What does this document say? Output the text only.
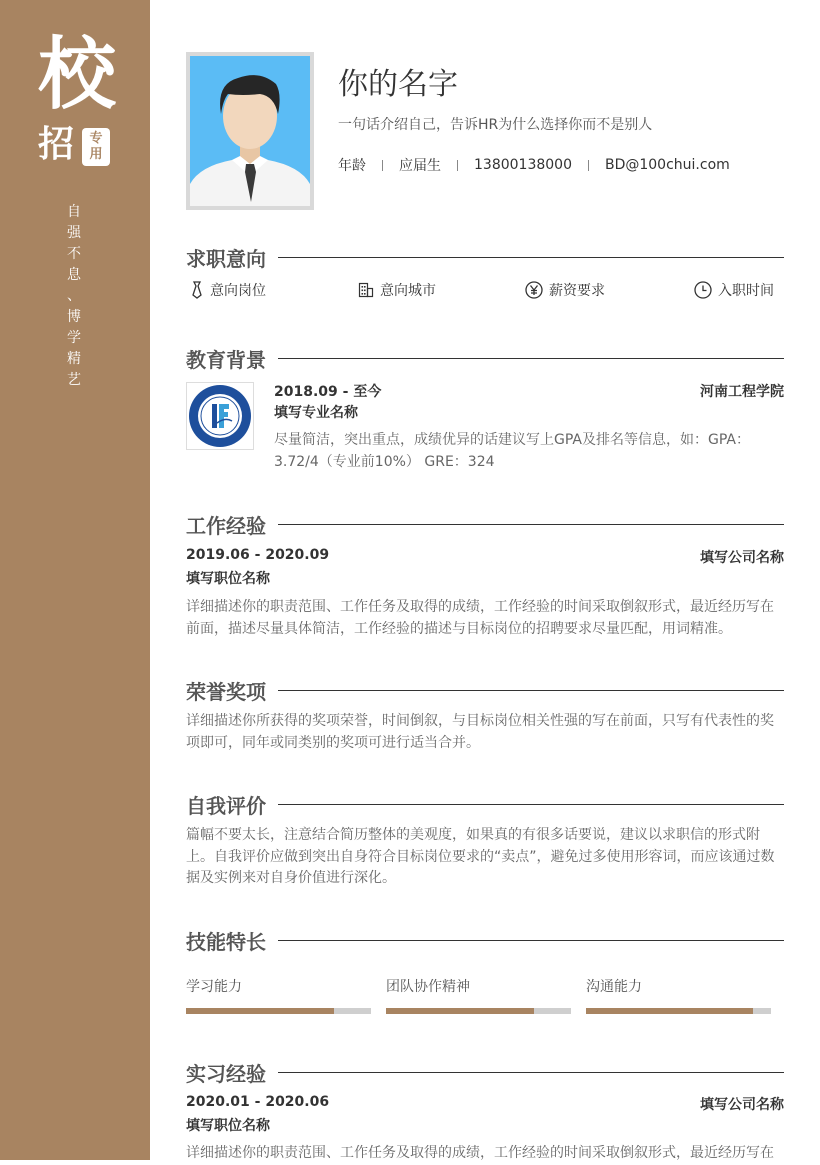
校
招 专
用
自
强
不
息
、
博
学
精
艺
你的名字
一句话介绍自己，告诉HR为什么选择你而不是别人
年龄 应届生 13800138000 BD@100chui.com
求职意向
意向岗位	意向城市	薪资要求	入职时间
教育背景
2018.09 - 至今	河南工程学院
填写专业名称
尽量简洁，突出重点，成绩优异的话建议写上GPA及排名等信息，如：GPA：3.72/4（专业前10%） GRE：324
工作经验
2019.06 - 2020.09	填写公司名称
填写职位名称
详细描述你的职责范围、工作任务及取得的成绩，工作经验的时间采取倒叙形式，最近经历写在前面，描述尽量具体简洁，工作经验的描述与目标岗位的招聘要求尽量匹配，用词精准。
荣誉奖项
详细描述你所获得的奖项荣誉，时间倒叙，与目标岗位相关性强的写在前面，只写有代表性的奖项即可，同年或同类别的奖项可进行适当合并。
自我评价
篇幅不要太长，注意结合简历整体的美观度，如果真的有很多话要说，建议以求职信的形式附上。自我评价应做到突出自身符合目标岗位要求的“卖点”，避免过多使用形容词，而应该通过数据及实例来对自身价值进行深化。
技能特长
学习能力	团队协作精神	沟通能力
实习经验
2020.01 - 2020.06	填写公司名称
填写职位名称
详细描述你的职责范围、工作任务及取得的成绩，工作经验的时间采取倒叙形式，最近经历写在
